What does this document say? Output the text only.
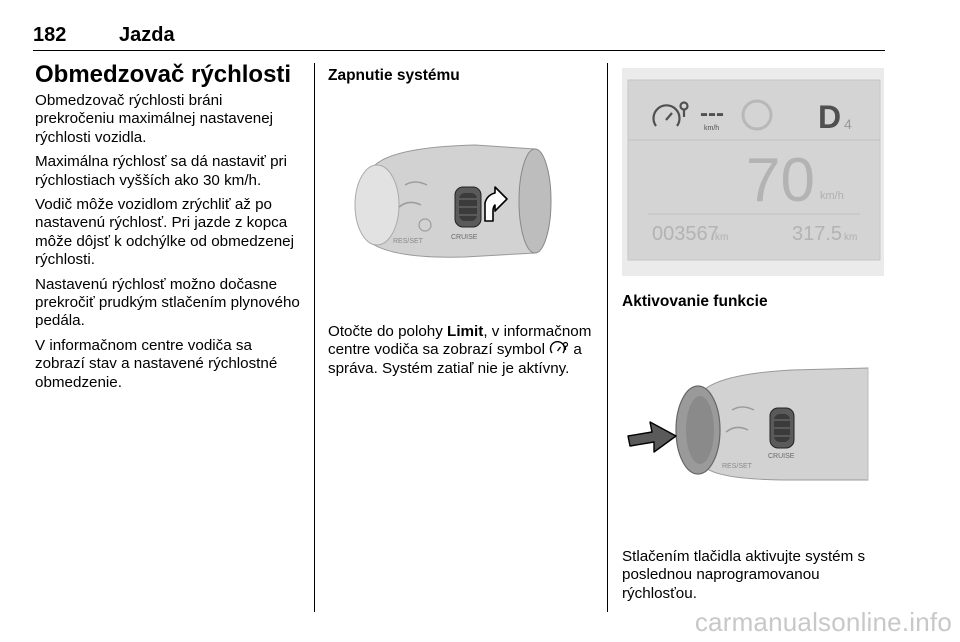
182	Jazda
Obmedzovač rýchlosti

Obmedzovač rýchlosti bráni prekročeniu maximálnej nastavenej rýchlosti vozidla.

Maximálna rýchlosť sa dá nastaviť pri rýchlostiach vyšších ako 30 km/h.

Vodič môže vozidlom zrýchliť až po nastavenú rýchlosť. Pri jazde z kopca môže dôjsť k odchýlke od obmedzenej rýchlosti.

Nastavenú rýchlosť možno dočasne prekročiť prudkým stlačením plynového pedála.

V informačnom centre vodiča sa zobrazí stav a nastavené rýchlostné obmedzenie.

Zapnutie systému
RES/SET
CRUISE

Otočte do polohy Limit, v informačnom centre vodiča sa zobrazí symbol  a správa. Systém zatiaľ nie je aktívny.

---
km/h	D 4
70 km/h
003567
km	317.5 km
Aktivovanie funkcie
RES/SET
CRUISE

Stlačením tlačidla aktivujte systém s poslednou naprogramovanou rýchlosťou.

carmanualsonline.info
